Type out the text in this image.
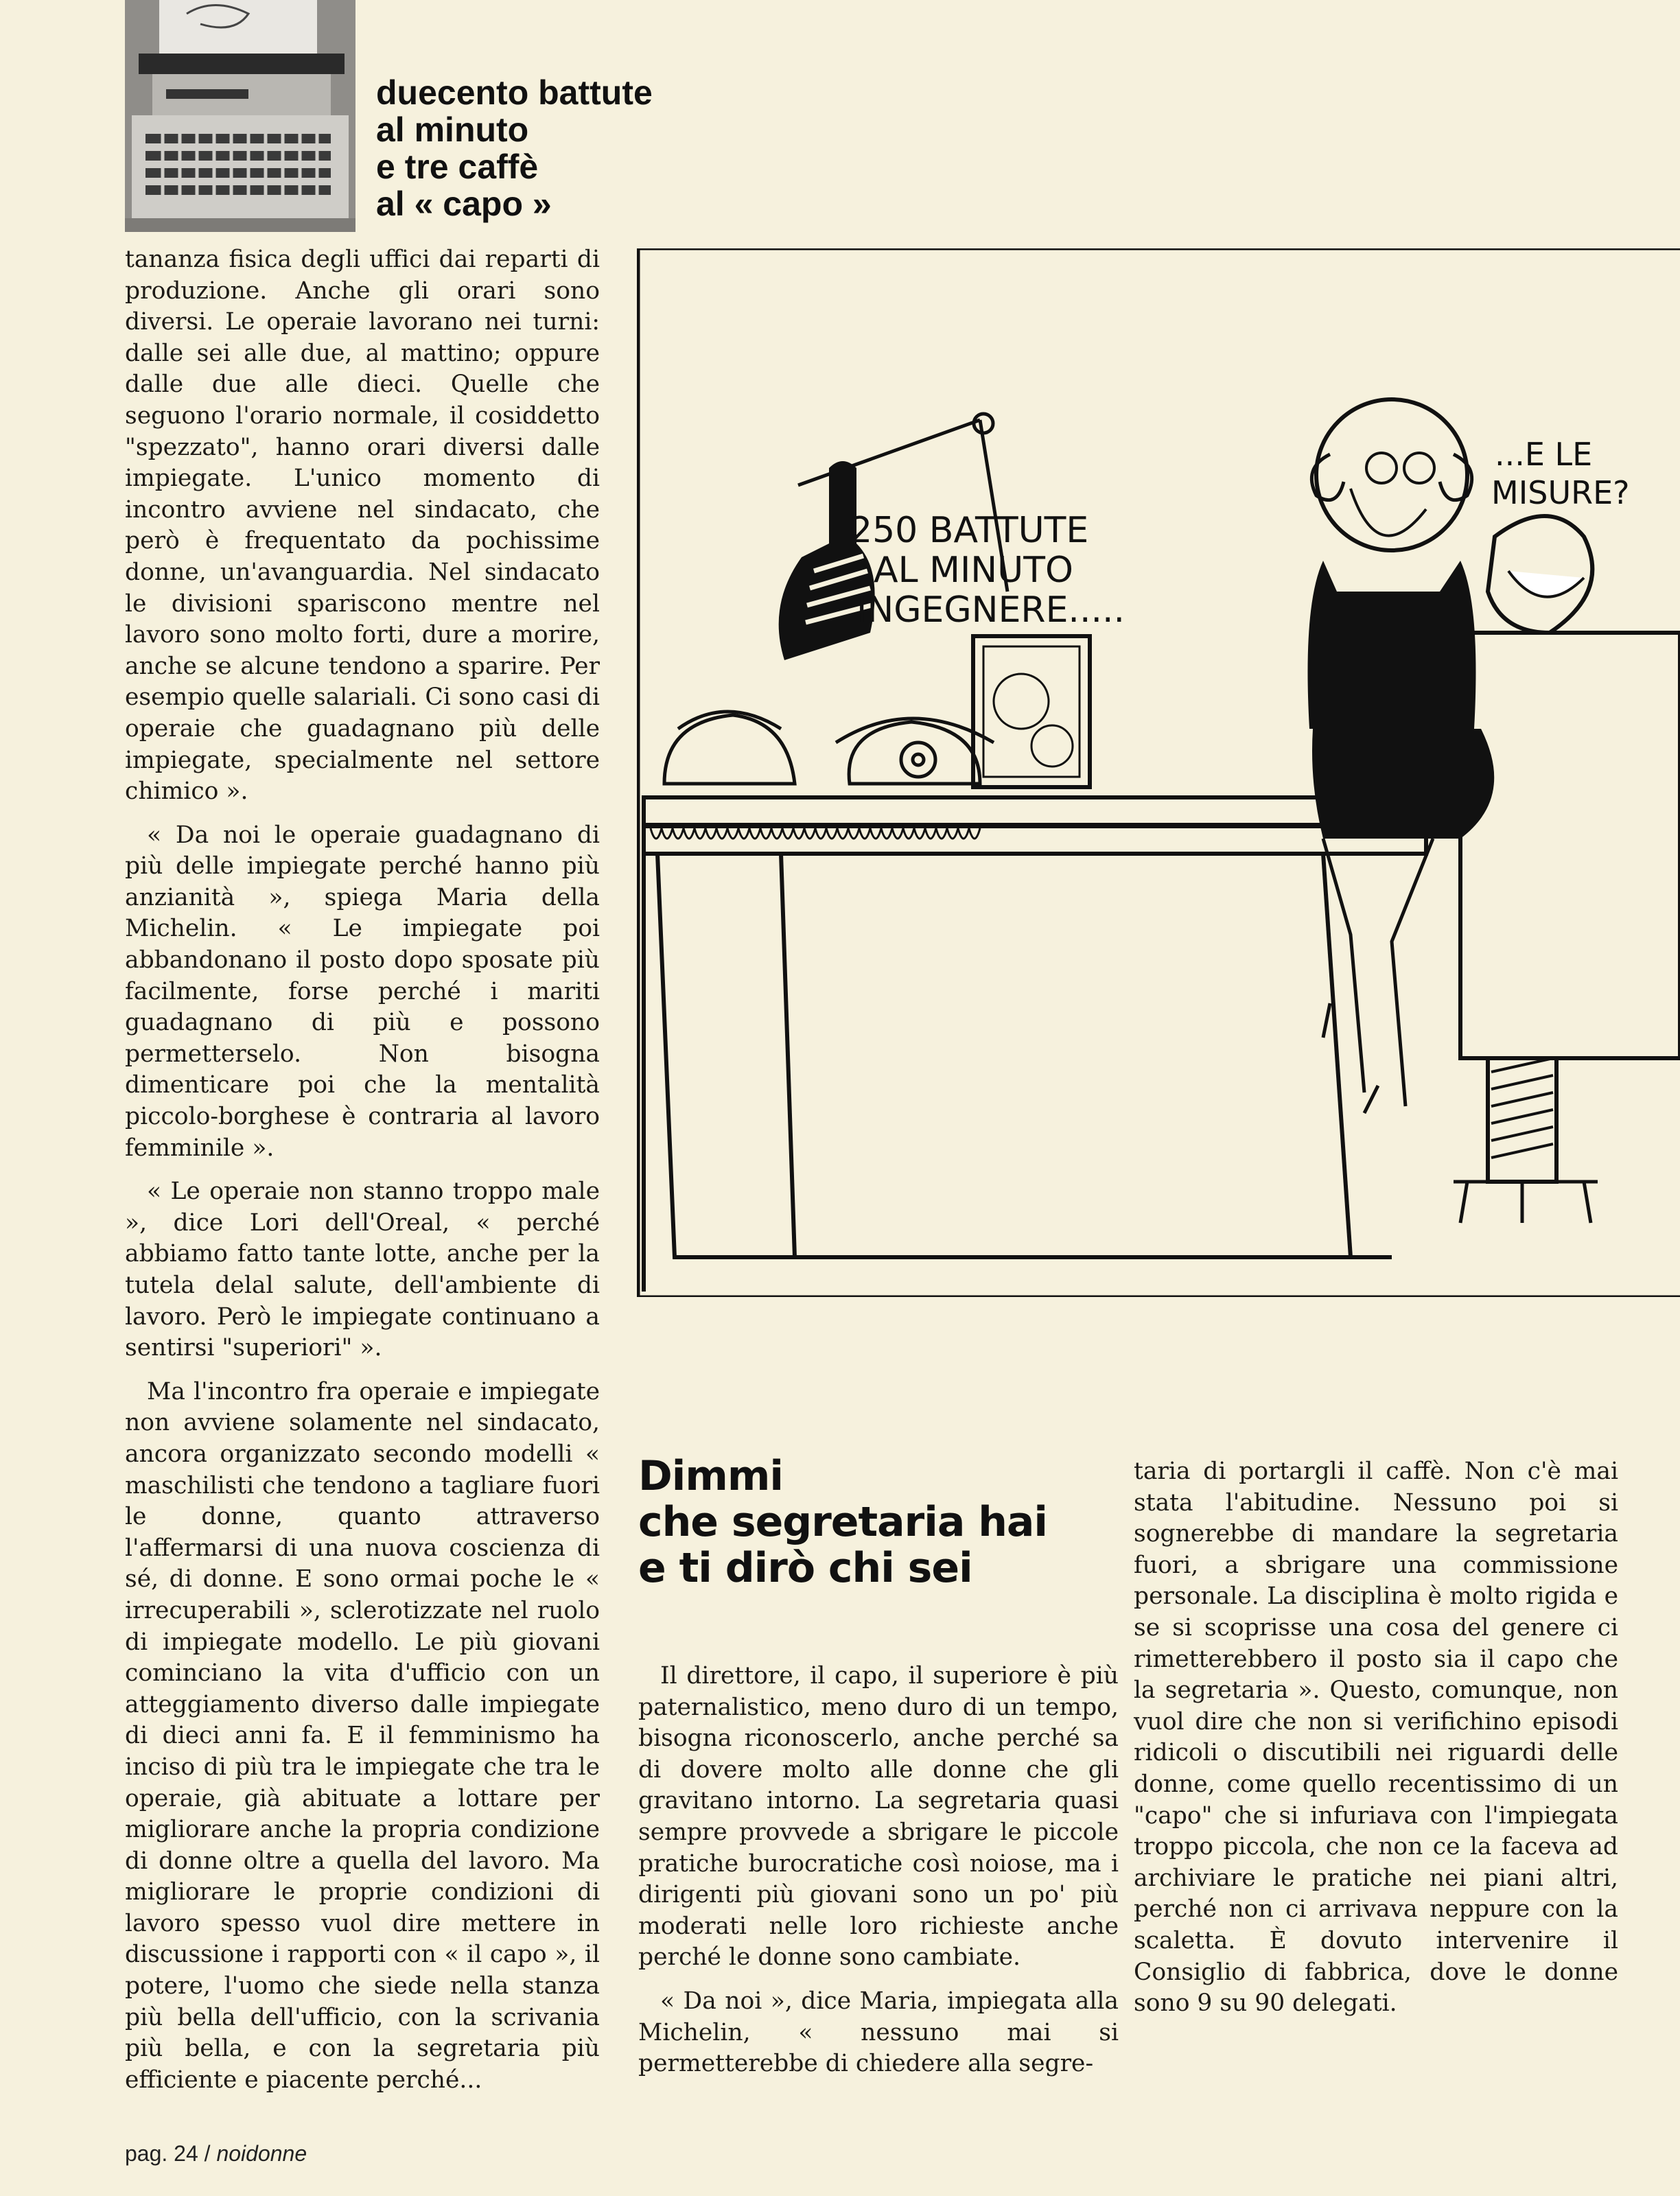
duecento battute
al minuto
e tre caffè
al « capo »

tananza fisica degli uffici dai reparti di produzione. Anche gli orari sono diversi. Le operaie lavorano nei turni: dalle sei alle due, al mattino; oppure dalle due alle dieci. Quelle che seguono l'orario normale, il cosiddetto "spezzato", hanno orari diversi dalle impiegate. L'unico momento di incontro avviene nel sindacato, che però è frequentato da pochissime donne, un'avanguardia. Nel sindacato le divisioni spariscono mentre nel lavoro sono molto forti, dure a morire, anche se alcune tendono a sparire. Per esempio quelle salariali. Ci sono casi di operaie che guadagnano più delle impiegate, specialmente nel settore chimico ».

« Da noi le operaie guadagnano di più delle impiegate perché hanno più anzianità », spiega Maria della Michelin. « Le impiegate poi abbandonano il posto dopo sposate più facilmente, forse perché i mariti guadagnano di più e possono permetterselo. Non bisogna dimenticare poi che la mentalità piccolo-borghese è contraria al lavoro femminile ».

« Le operaie non stanno troppo male », dice Lori dell'Oreal, « perché abbiamo fatto tante lotte, anche per la tutela delal salute, dell'ambiente di lavoro. Però le impiegate continuano a sentirsi "superiori" ».

Ma l'incontro fra operaie e impiegate non avviene solamente nel sindacato, ancora organizzato secondo modelli « maschilisti che tendono a tagliare fuori le donne, quanto attraverso l'affermarsi di una nuova coscienza di sé, di donne. E sono ormai poche le « irrecuperabili », sclerotizzate nel ruolo di impiegate modello. Le più giovani cominciano la vita d'ufficio con un atteggiamento diverso dalle impiegate di dieci anni fa. E il femminismo ha inciso di più tra le impiegate che tra le operaie, già abituate a lottare per migliorare anche la propria condizione di donne oltre a quella del lavoro. Ma migliorare le proprie condizioni di lavoro spesso vuol dire mettere in discussione i rapporti con « il capo », il potere, l'uomo che siede nella stanza più bella dell'ufficio, con la scrivania più bella, e con la segretaria più efficiente e piacente perché...

250 BATTUTE
AL MINUTO
INGEGNERE.....
...E LE
MISURE?
Dimmi
che segretaria hai
e ti dirò chi sei

Il direttore, il capo, il superiore è più paternalistico, meno duro di un tempo, bisogna riconoscerlo, anche perché sa di dovere molto alle donne che gli gravitano intorno. La segretaria quasi sempre provvede a sbrigare le piccole pratiche burocratiche così noiose, ma i dirigenti più giovani sono un po' più moderati nelle loro richieste anche perché le donne sono cambiate.

« Da noi », dice Maria, impiegata alla Michelin, « nessuno mai si permetterebbe di chiedere alla segre-

taria di portargli il caffè. Non c'è mai stata l'abitudine. Nessuno poi si sognerebbe di mandare la segretaria fuori, a sbrigare una commissione personale. La disciplina è molto rigida e se si scoprisse una cosa del genere ci rimetterebbero il posto sia il capo che la segretaria ». Questo, comunque, non vuol dire che non si verifichino episodi ridicoli o discutibili nei riguardi delle donne, come quello recentissimo di un "capo" che si infuriava con l'impiegata troppo piccola, che non ce la faceva ad archiviare le pratiche nei piani altri, perché non ci arrivava neppure con la scaletta. È dovuto intervenire il Consiglio di fabbrica, dove le donne sono 9 su 90 delegati.

pag. 24 / noidonne
